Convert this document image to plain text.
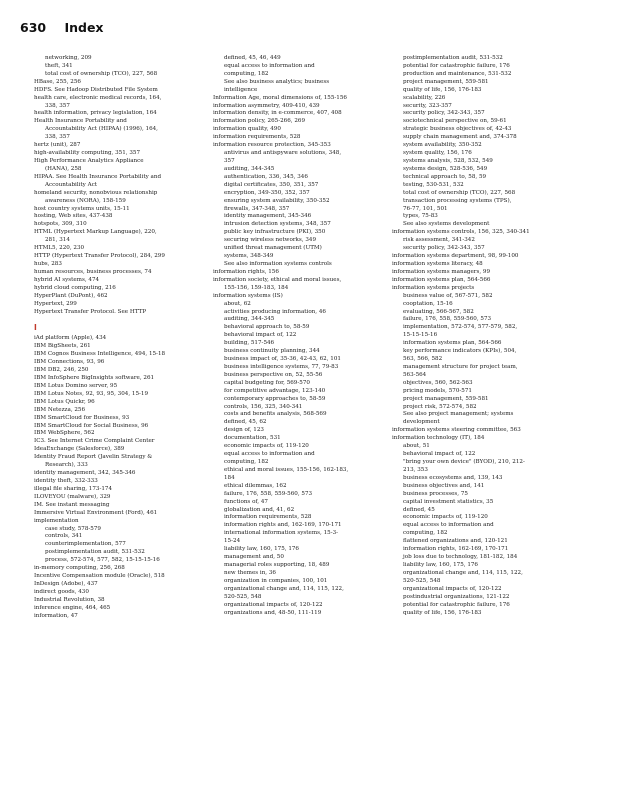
630 Index
networking, 209
theft, 341
total cost of ownership (TCO), 227, 568
HBase, 255, 256
HDFS. See Hadoop Distributed File System
health care, electronic medical records, 164,
338, 357
health information, privacy legislation, 164
Health Insurance Portability and
Accountability Act (HIPAA) (1996), 164,
338, 357
hertz (unit), 287
high-availability computing, 351, 357
High Performance Analytics Appliance
(HANA), 258
HIPAA. See Health Insurance Portability and
Accountability Act
homeland security, nonobvious relationship
awareness (NORA), 158-159
host country systems units, 15-11
hosting, Web sites, 437-438
hotspots, 309, 310
HTML (Hypertext Markup Language), 220,
281, 314
HTML5, 220, 230
HTTP (Hypertext Transfer Protocol), 284, 299
hubs, 283
human resources, business processes, 74
hybrid AI systems, 474
hybrid cloud computing, 216
HyperPlant (DuPont), 462
Hypertext, 299
Hypertext Transfer Protocol. See HTTP
I
iAd platform (Apple), 434
IBM BigSheets, 261
IBM Cognos Business Intelligence, 494, 15-18
IBM Connections, 93, 96
IBM DB2, 246, 250
IBM InfoSphere BigInsights software, 261
IBM Lotus Domino server, 95
IBM Lotus Notes, 92, 93, 95, 304, 15-19
IBM Lotus Quickr, 96
IBM Netezza, 256
IBM SmartCloud for Business, 93
IBM SmartCloud for Social Business, 96
IBM WebSphere, 562
IC3. See Internet Crime Complaint Center
IdeaExchange (Salesforce), 389
Identity Fraud Report (Javelin Strategy &
Research), 333
identity management, 342, 345-346
identity theft, 332-333
illegal file sharing, 173-174
ILOVEYOU (malware), 329
IM. See instant messaging
Immersive Virtual Environment (Ford), 461
implementation
case study, 578-579
controls, 341
counterimplementation, 577
postimplementation audit, 531-532
process, 572-574, 577, 582, 15-15-15-16
in-memory computing, 256, 268
Incentive Compensation module (Oracle), 518
InDesign (Adobe), 437
indirect goods, 430
Industrial Revolution, 38
inference engine, 464, 465
information, 47
defined, 45, 46, 449
equal access to information and
computing, 182
See also business analytics; business
intelligence
Information Age, moral dimensions of, 155-156
information asymmetry, 409-410, 439
information density, in e-commerce, 407, 408
information policy, 265-266, 269
information quality, 490
information requirements, 528
information resource protection, 345-353
antivirus and antispyware solutions, 348,
357
auditing, 344-345
authentication, 336, 345, 346
digital certificates, 350, 351, 357
encryption, 349-350, 352, 357
ensuring system availability, 350-352
firewalls, 347-348, 357
identity management, 345-346
intrusion detection systems, 348, 357
public key infrastructure (PKI), 350
securing wireless networks, 349
unified threat management (UTM)
systems, 348-349
See also information systems controls
information rights, 156
information society, ethical and moral issues,
155-156, 159-183, 184
information systems (IS)
about, 62
activities producing information, 46
auditing, 344-345
behavioral approach to, 58-59
behavioral impact of, 122
building, 517-546
business continuity planning, 344
business impact of, 35-36, 42-43, 62, 101
business intelligence systems, 77, 79-83
business perspective on, 52, 55-56
capital budgeting for, 569-570
for competitive advantage, 123-140
contemporary approaches to, 58-59
controls, 156, 325, 340-341
costs and benefits analysis, 568-569
defined, 45, 62
design of, 123
documentation, 531
economic impacts of, 119-120
equal access to information and
computing, 182
ethical and moral issues, 155-156, 162-183,
184
ethical dilemmas, 162
failure, 176, 558, 559-560, 573
functions of, 47
globalization and, 41, 62
information requirements, 528
information rights and, 162-169, 170-171
international information systems, 15-3-
15-24
liability law, 160, 175, 176
management and, 50
managerial roles supporting, 18, 489
new themes in, 36
organization in companies, 100, 101
organizational change and, 114, 115, 122,
520-525, 548
organizational impacts of, 120-122
organizations and, 48-50, 111-119
postimplementation audit, 531-532
potential for catastrophic failure, 176
production and maintenance, 531-532
project management, 559-581
quality of life, 156, 176-183
scalability, 226
security, 323-357
security policy, 342-343, 357
sociotechnical perspective on, 59-61
strategic business objectives of, 42-43
supply chain management and, 374-378
system availability, 350-352
system quality, 156, 176
systems analysis, 528, 532, 549
systems design, 528-536, 549
technical approach to, 58, 59
testing, 530-531, 532
total cost of ownership (TCO), 227, 568
transaction processing systems (TPS),
76-77, 101, 501
types, 75-83
See also systems development
information systems controls, 156, 325, 340-341
risk assessment, 341-342
security policy, 342-343, 357
information systems department, 98, 99-100
information systems literacy, 48
information systems managers, 99
information systems plan, 564-566
information systems projects
business value of, 567-571, 582
cooptation, 15-16
evaluating, 566-567, 582
failure, 176, 558, 559-560, 573
implementation, 572-574, 577-579, 582,
15-15-15-16
information systems plan, 564-566
key performance indicators (KPIs), 504,
563, 566, 582
management structure for project team,
563-564
objectives, 560, 562-563
pricing models, 570-571
project management, 559-581
project risk, 572-574, 582
See also project management; systems
development
information systems steering committee, 563
information technology (IT), 184
about, 51
behavioral impact of, 122
"bring your own device" (BYOD), 210, 212-
213, 353
business ecosystems and, 139, 143
business objectives and, 141
business processes, 75
capital investment statistics, 35
defined, 45
economic impacts of, 119-120
equal access to information and
computing, 182
flattened organizations and, 120-121
information rights, 162-169, 170-171
job loss due to technology, 181-182, 184
liability law, 160, 175, 176
organizational change and, 114, 115, 122,
520-525, 548
organizational impacts of, 120-122
postindustrial organizations, 121-122
potential for catastrophic failure, 176
quality of life, 156, 176-183
